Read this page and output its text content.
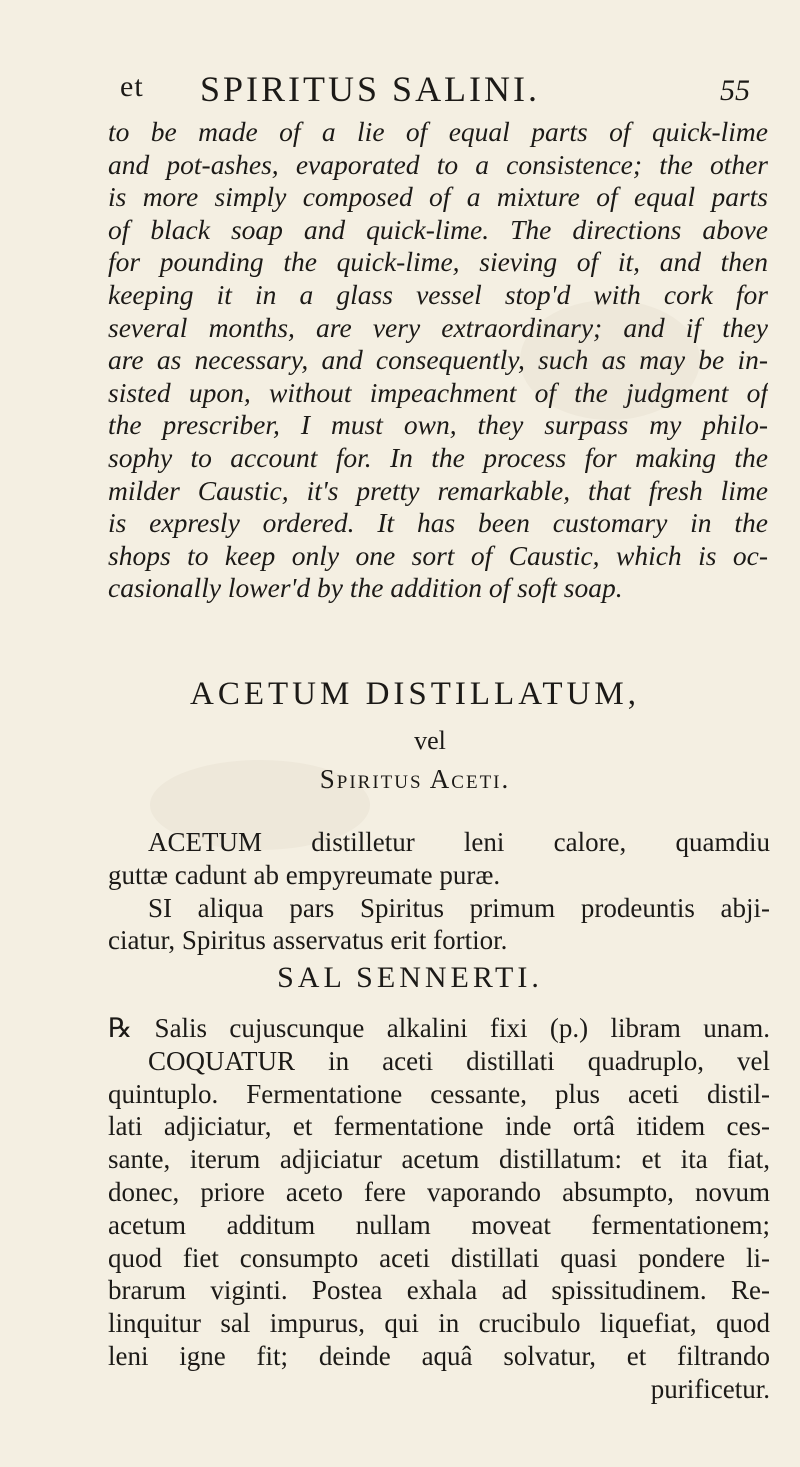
et SPIRITUS SALINI.	55
to be made of a lie of equal parts of quick-lime
and pot-ashes, evaporated to a consistence; the other
is more simply composed of a mixture of equal parts
of black soap and quick-lime. The directions above
for pounding the quick-lime, sieving of it, and then
keeping it in a glass vessel stop'd with cork for
several months, are very extraordinary; and if they
are as necessary, and consequently, such as may be in-
sisted upon, without impeachment of the judgment of
the prescriber, I must own, they surpass my philo-
sophy to account for. In the process for making the
milder Caustic, it's pretty remarkable, that fresh lime
is expresly ordered. It has been customary in the
shops to keep only one sort of Caustic, which is oc-
casionally lower'd by the addition of soft soap.
ACETUM DISTILLATUM,
vel
Spiritus Aceti.
ACETUM distilletur leni calore, quamdiu
guttæ cadunt ab empyreumate puræ.
SI aliqua pars Spiritus primum prodeuntis abji-
ciatur, Spiritus asservatus erit fortior.
SAL SENNERTI.
℞ Salis cujuscunque alkalini fixi (p.) libram unam.
COQUATUR in aceti distillati quadruplo, vel
quintuplo. Fermentatione cessante, plus aceti distil-
lati adjiciatur, et fermentatione inde ortâ itidem ces-
sante, iterum adjiciatur acetum distillatum: et ita fiat,
donec, priore aceto fere vaporando absumpto, novum
acetum additum nullam moveat fermentationem;
quod fiet consumpto aceti distillati quasi pondere li-
brarum viginti. Postea exhala ad spissitudinem. Re-
linquitur sal impurus, qui in crucibulo liquefiat, quod
leni igne fit; deinde aquâ solvatur, et filtrando
purificetur.
